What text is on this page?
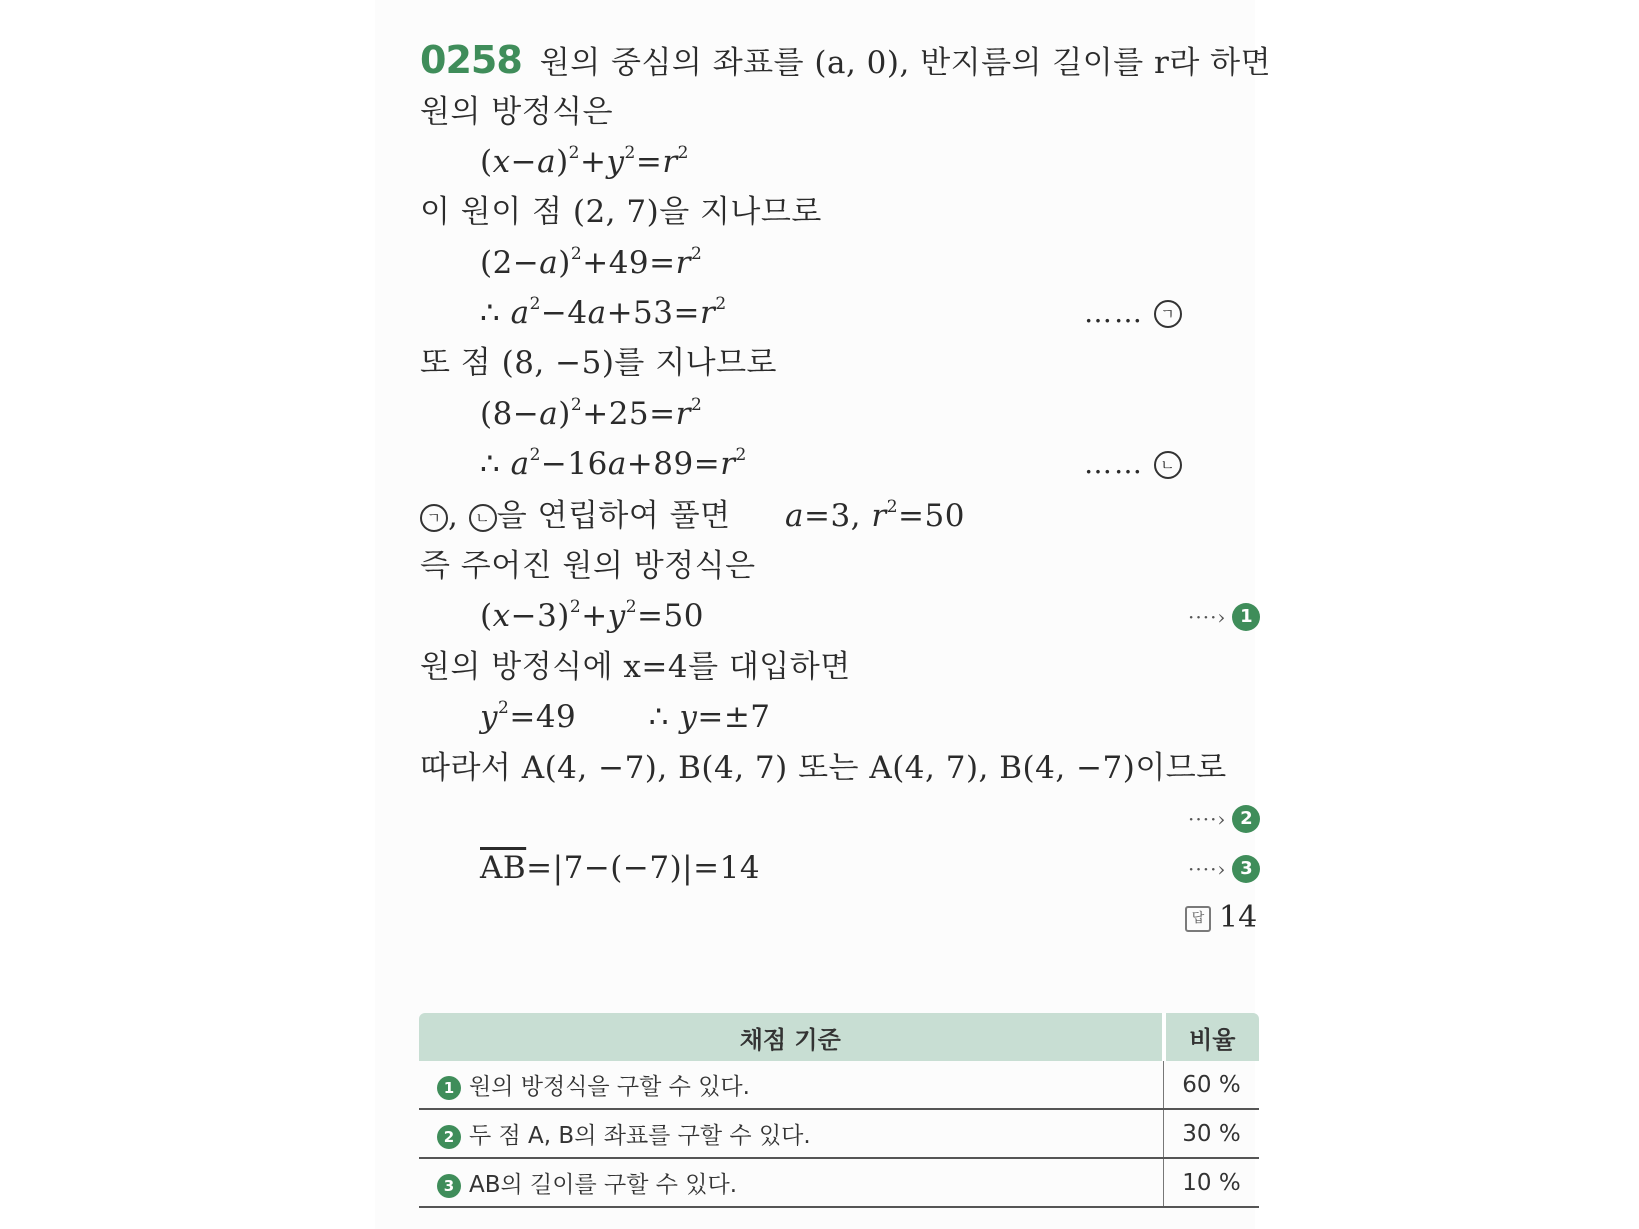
0258 원의 중심의 좌표를 (a, 0), 반지름의 길이를 r라 하면
원의 방정식은
$(x-a)^2+y^2=r^2$
이 원이 점 (2, 7)을 지나므로
$(2-a)^2+49=r^2$
∴ $a^2-4a+53=r^2$	…… ㄱ
또 점 (8, −5)를 지나므로
$(8-a)^2+25=r^2$
∴ $a^2-16a+89=r^2$	…… ㄴ
ㄱ , ㄴ 을 연립하여 풀면 a=3, $r^2=50$
즉 주어진 원의 방정식은
$(x-3)^2+y^2=50$	····› 1
원의 방정식에 x=4를 대입하면
$y^2=49$       ∴ y=±7
따라서 A(4, −7), B(4, 7) 또는 A(4, 7), B(4, −7)이므로
····› 2
$\overline{AB}=|7-(-7)|=14$	····› 3
답 14
채점 기준	비율
1 원의 방정식을 구할 수 있다.	60 %
2 두 점 A, B의 좌표를 구할 수 있다.	30 %
3 AB의 길이를 구할 수 있다.	10 %
